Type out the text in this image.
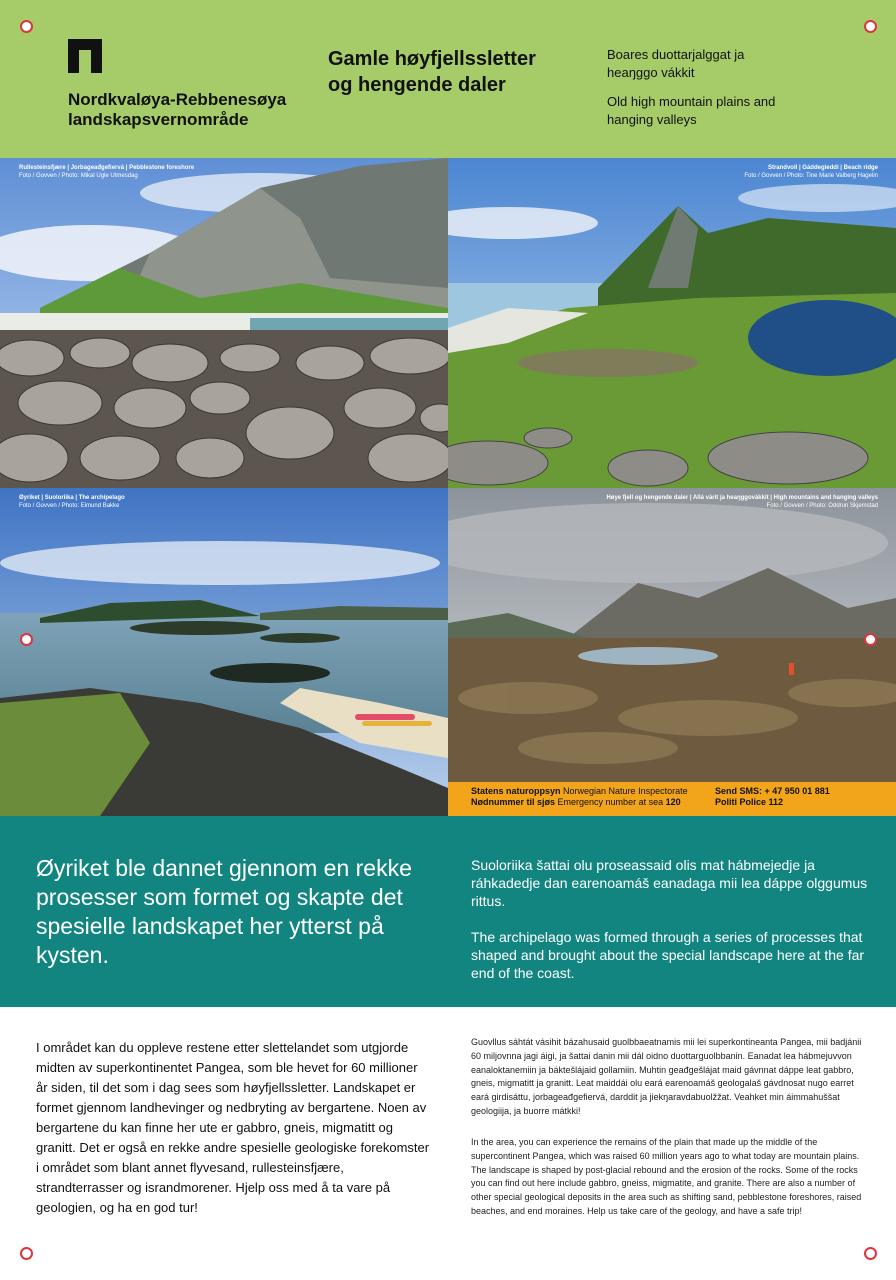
Nordkvaløya-Rebbenesøya
landskapsvernområde
Gamle høyfjellssletter
og hengende daler
Boares duottarjalggat ja
heaŋggo vákkit
Old high mountain plains and
hanging valleys
Rullesteinsfjære | Jorbageađgefiervá | Pebblestone foreshore
Foto / Govven / Photo: Mikal Ugle Utmesdag
Strandvoll | Gáddegieddi | Beach ridge
Foto / Govven / Photo: Tine Marie Valberg Hagelin
Øyriket | Suoloriika | The archipelago
Foto / Govven / Photo: Eimund Bakke
Høye fjell og hengende daler | Allá várit ja heaŋggovákkit | High mountains and hanging valleys
Foto / Govven / Photo: Oddrun Skjemstad
Statens naturoppsyn Norwegian Nature Inspectorate
Nødnummer til sjøs Emergency number at sea 120
Send SMS: + 47 950 01 881
Politi Police 112
Øyriket ble dannet gjennom en rekke prosesser som formet og skapte det spesielle landskapet her ytterst på kysten.
Suoloriika šattai olu proseassaid olis mat hábmejedje ja ráhkadedje dan earenoamáš eanadaga mii lea dáppe olggumus rittus.
The archipelago was formed through a series of processes that shaped and brought about the special landscape here at the far end of the coast.
I området kan du oppleve restene etter slettelandet som utgjorde midten av superkontinentet Pangea, som ble hevet for 60 millioner år siden, til det som i dag sees som høyfjellssletter. Landskapet er formet gjennom landhevinger og nedbryting av bergartene. Noen av bergartene du kan finne her ute er gabbro, gneis, migmatitt og granitt. Det er også en rekke andre spesielle geologiske forekomster i området som blant annet flyvesand, rullesteinsfjære, strandterrasser og israndmorener. Hjelp oss med å ta vare på geologien, og ha en god tur!
Guovllus sáhtát vásihit bázahusaid guolbbaeatnamis mii lei superkontineanta Pangea, mii badjánii 60 miljovnna jagi áigi, ja šattai danin mii dál oidno duottarguolbbanin. Eanadat lea hábmejuvvon eanaloktanemiin ja báktešlájaid gollamiin. Muhtin geađgešlájat maid gávnnat dáppe leat gabbro, gneis, migmatitt ja granitt. Leat maiddái olu eará earenoamáš geologalaš gávdnosat nugo earret eará girdisáttu, jorbageađgefiervá, darddit ja jiekŋaravdabuolžžat. Veahket min áimmahuššat geologiija, ja buorre mátkki!
In the area, you can experience the remains of the plain that made up the middle of the supercontinent Pangea, which was raised 60 million years ago to what today are mountain plains. The landscape is shaped by post-glacial rebound and the erosion of the rocks. Some of the rocks you can find out here include gabbro, gneiss, migmatite, and granite. There are also a number of other special geological deposits in the area such as shifting sand, pebblestone foreshores, raised beaches, and end moraines. Help us take care of the geology, and have a safe trip!
